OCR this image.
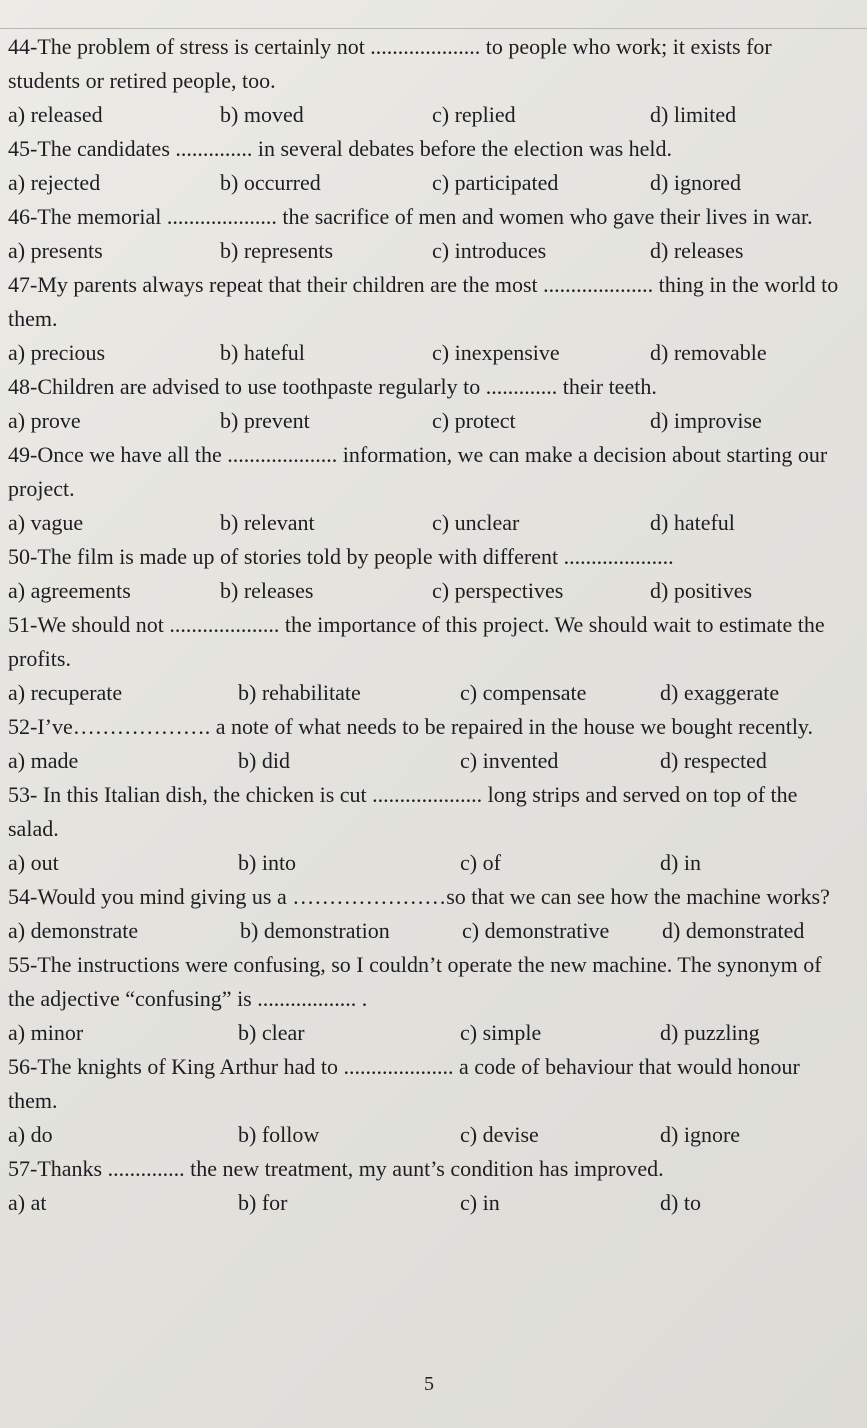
44-The problem of stress is certainly not .................... to people who work; it exists for students or retired people, too.

a) released	b) moved	c) replied	d) limited

45-The candidates .............. in several debates before the election was held.

a) rejected	b) occurred	c) participated	d) ignored

46-The memorial .................... the sacrifice of men and women who gave their lives in war.

a) presents	b) represents	c) introduces	d) releases

47-My parents always repeat that their children are the most .................... thing in the world to them.

a) precious	b) hateful	c) inexpensive	d) removable

48-Children are advised to use toothpaste regularly to ............. their teeth.

a) prove	b) prevent	c) protect	d) improvise

49-Once we have all the .................... information, we can make a decision about starting our project.

a) vague	b) relevant	c) unclear	d) hateful

50-The film is made up of stories told by people with different ....................

a) agreements	b) releases	c) perspectives	d) positives

51-We should not .................... the importance of this project. We should wait to estimate the profits.

a) recuperate	b) rehabilitate	c) compensate	d) exaggerate

52-I’ve………………. a note of what needs to be repaired in the house we bought recently.

a) made	b) did	c) invented	d) respected

53- In this Italian dish, the chicken is cut .................... long strips and served on top of the salad.

a) out	b) into	c) of	d) in

54-Would you mind giving us a …………………so that we can see how the machine works?

a) demonstrate	b) demonstration	c) demonstrative	d) demonstrated

55-The instructions were confusing, so I couldn’t operate the new machine. The synonym of the adjective “confusing” is .................. .

a) minor	b) clear	c) simple	d) puzzling

56-The knights of King Arthur had to .................... a code of behaviour that would honour them.

a) do	b) follow	c) devise	d) ignore

57-Thanks .............. the new treatment, my aunt’s condition has improved.

a) at	b) for	c) in	d) to
5
